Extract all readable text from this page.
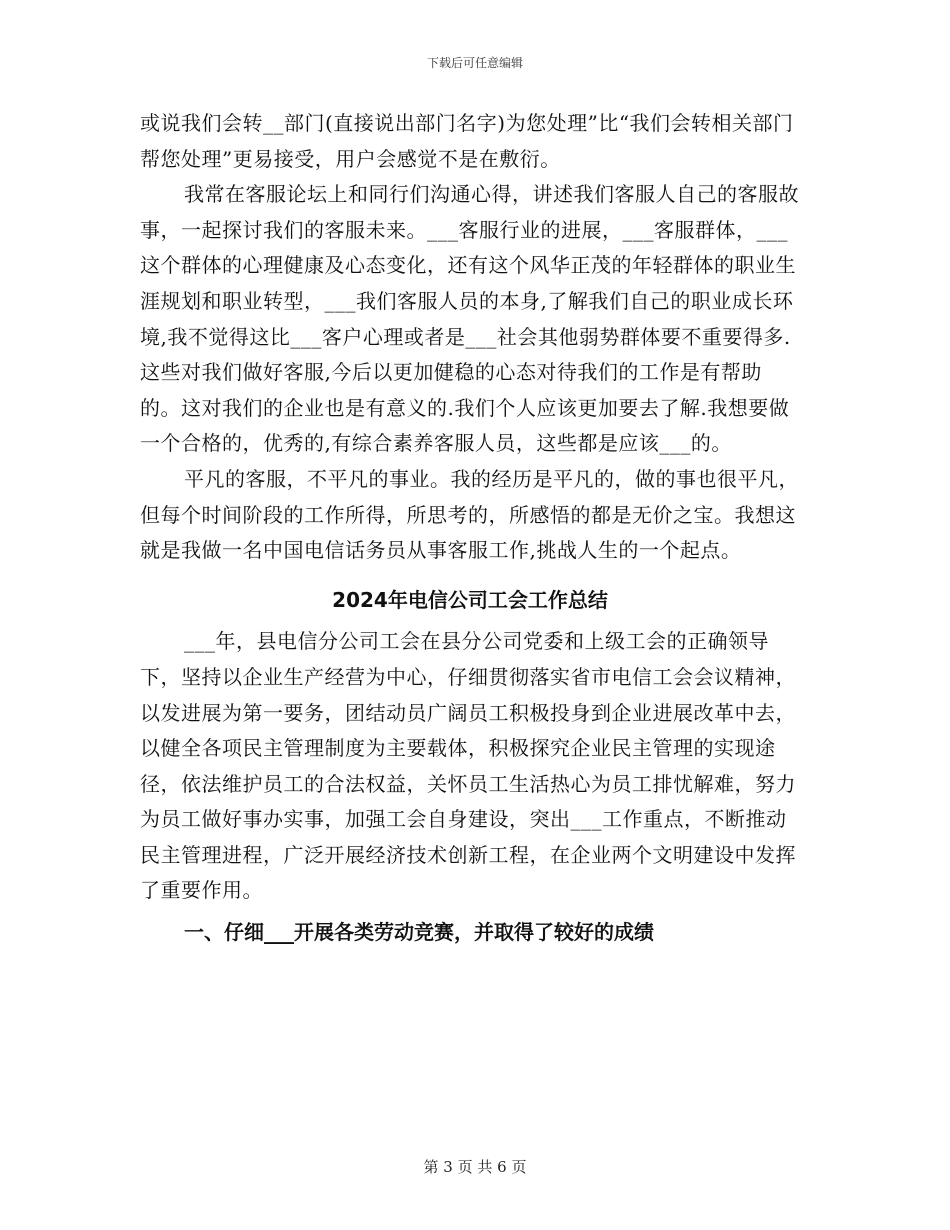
下载后可任意编辑

或说我们会转__部门(直接说出部门名字)为您处理”比“我们会转相关部门帮您处理”更易接受，用户会感觉不是在敷衍。

我常在客服论坛上和同行们沟通心得，讲述我们客服人自己的客服故事，一起探讨我们的客服未来。___客服行业的进展，___客服群体，___这个群体的心理健康及心态变化，还有这个风华正茂的年轻群体的职业生涯规划和职业转型，___我们客服人员的本身,了解我们自己的职业成长环境,我不觉得这比___客户心理或者是___社会其他弱势群体要不重要得多.这些对我们做好客服,今后以更加健稳的心态对待我们的工作是有帮助的。这对我们的企业也是有意义的.我们个人应该更加要去了解.我想要做一个合格的，优秀的,有综合素养客服人员，这些都是应该___的。

平凡的客服，不平凡的事业。我的经历是平凡的，做的事也很平凡，但每个时间阶段的工作所得，所思考的，所感悟的都是无价之宝。我想这就是我做一名中国电信话务员从事客服工作,挑战人生的一个起点。

2024年电信公司工会工作总结

___年，县电信分公司工会在县分公司党委和上级工会的正确领导下，坚持以企业生产经营为中心，仔细贯彻落实省市电信工会会议精神，以发进展为第一要务，团结动员广阔员工积极投身到企业进展改革中去，以健全各项民主管理制度为主要载体，积极探究企业民主管理的实现途径，依法维护员工的合法权益，关怀员工生活热心为员工排忧解难，努力为员工做好事办实事，加强工会自身建设，突出___工作重点，不断推动民主管理进程，广泛开展经济技术创新工程，在企业两个文明建设中发挥了重要作用。

一、仔细___开展各类劳动竞赛，并取得了较好的成绩
第 3 页 共 6 页
